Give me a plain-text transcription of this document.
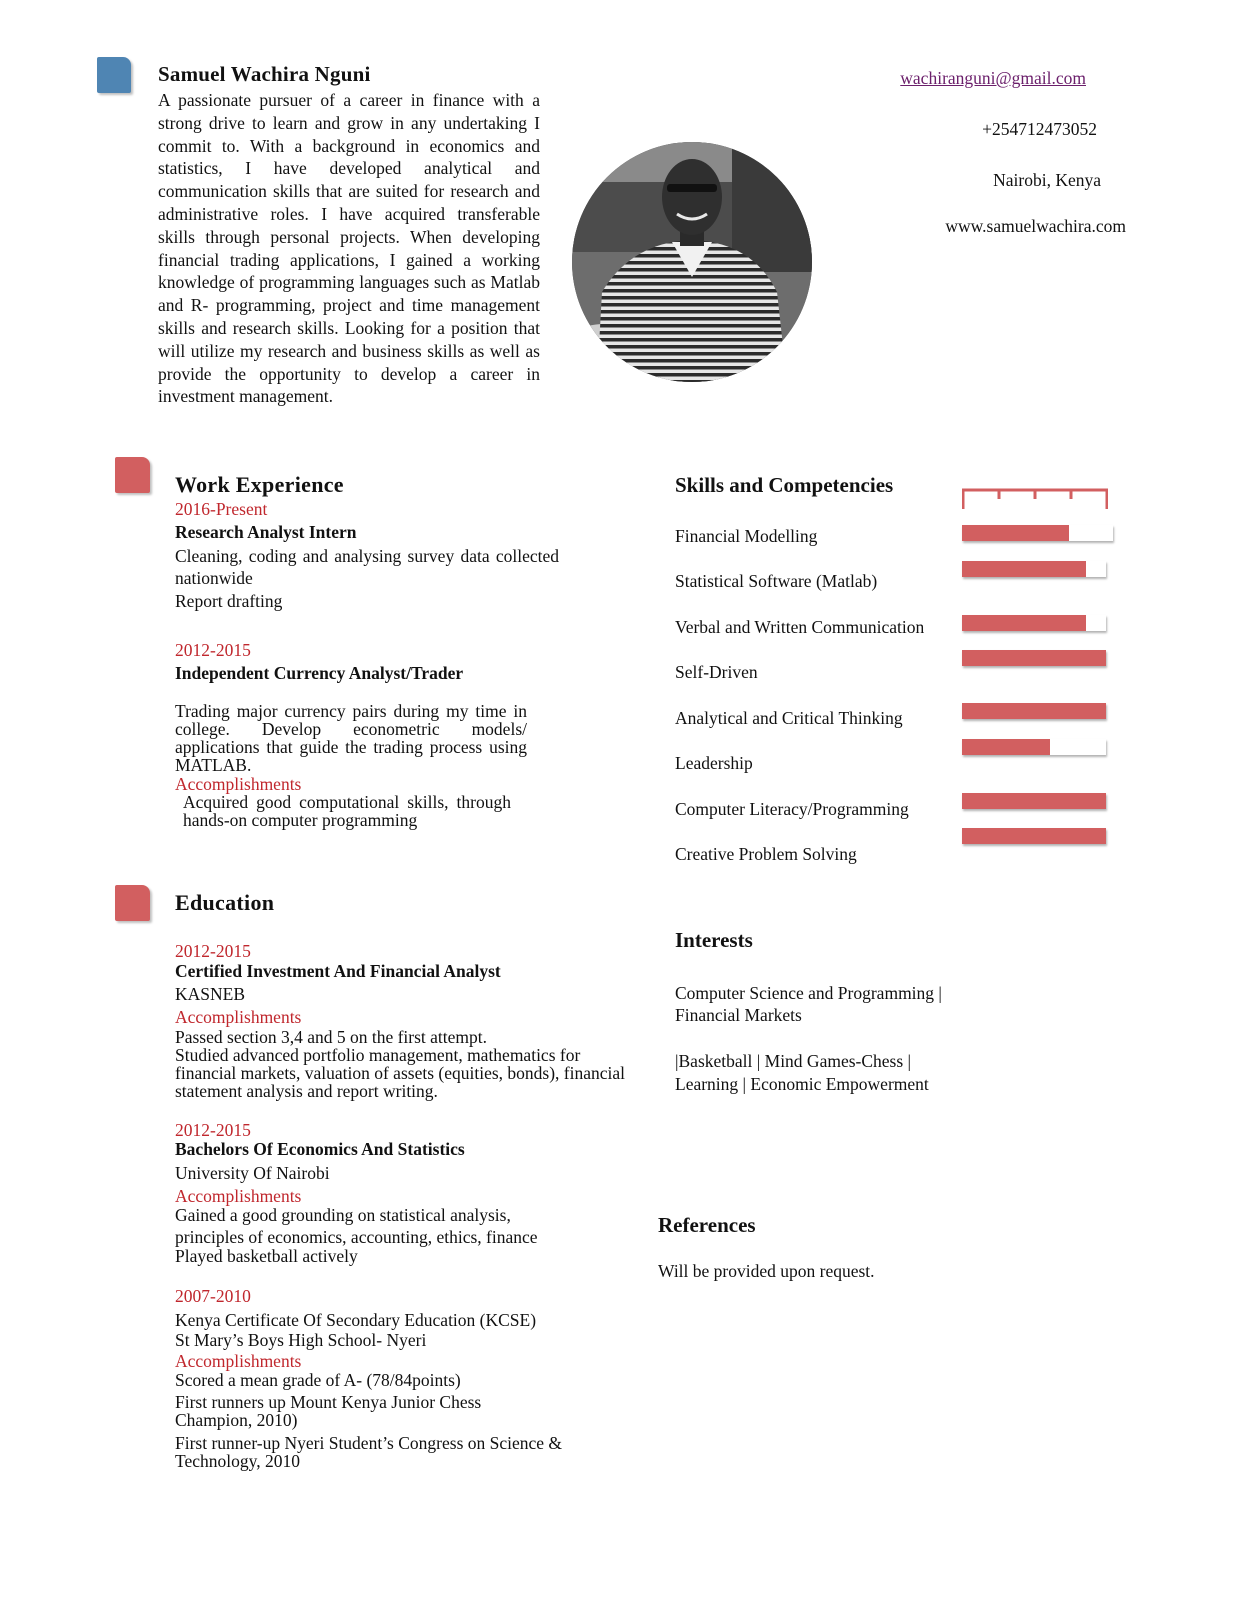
Samuel Wachira Nguni
A passionate pursuer of a career in finance with a strong drive to learn and grow in any undertaking I commit to. With a background in economics and statistics, I have developed analytical and communication skills that are suited for research and administrative roles. I have acquired transferable skills through personal projects. When developing financial trading applications, I gained a working knowledge of programming languages such as Matlab and R- programming, project and time management skills and research skills. Looking for a position that will utilize my research and business skills as well as provide the opportunity to develop a career in investment management.
wachiranguni@gmail.com
+254712473052
Nairobi, Kenya
www.samuelwachira.com
Work Experience
2016-Present
Research Analyst Intern
Cleaning, coding and analysing survey data collected nationwide
Report drafting
2012-2015
Independent Currency Analyst/Trader
Trading major currency pairs during my time in college. Develop econometric models/ applications that guide the trading process using MATLAB.
Accomplishments
Acquired good computational skills, through hands-on computer programming
Education
2012-2015
Certified Investment And Financial Analyst
KASNEB
Accomplishments
Passed section 3,4 and 5 on the first attempt.
Studied advanced portfolio management, mathematics for financial markets, valuation of assets (equities, bonds), financial statement analysis and report writing.
2012-2015
Bachelors Of Economics And Statistics
University Of Nairobi
Accomplishments
Gained a good grounding on statistical analysis,
principles of economics, accounting, ethics, finance
Played basketball actively
2007-2010
Kenya Certificate Of Secondary Education (KCSE)
St Mary’s Boys High School- Nyeri
Accomplishments
Scored a mean grade of A- (78/84points)
First runners up Mount Kenya Junior Chess Champion, 2010)
First runner-up Nyeri Student’s Congress on Science & Technology, 2010
Skills and Competencies
Financial Modelling
Statistical Software (Matlab)
Verbal and Written Communication
Self-Driven
Analytical and Critical Thinking
Leadership
Computer Literacy/Programming
Creative Problem Solving
Interests
Computer Science and Programming |
Financial Markets
|Basketball | Mind Games-Chess |
Learning | Economic Empowerment
References
Will be provided upon request.
